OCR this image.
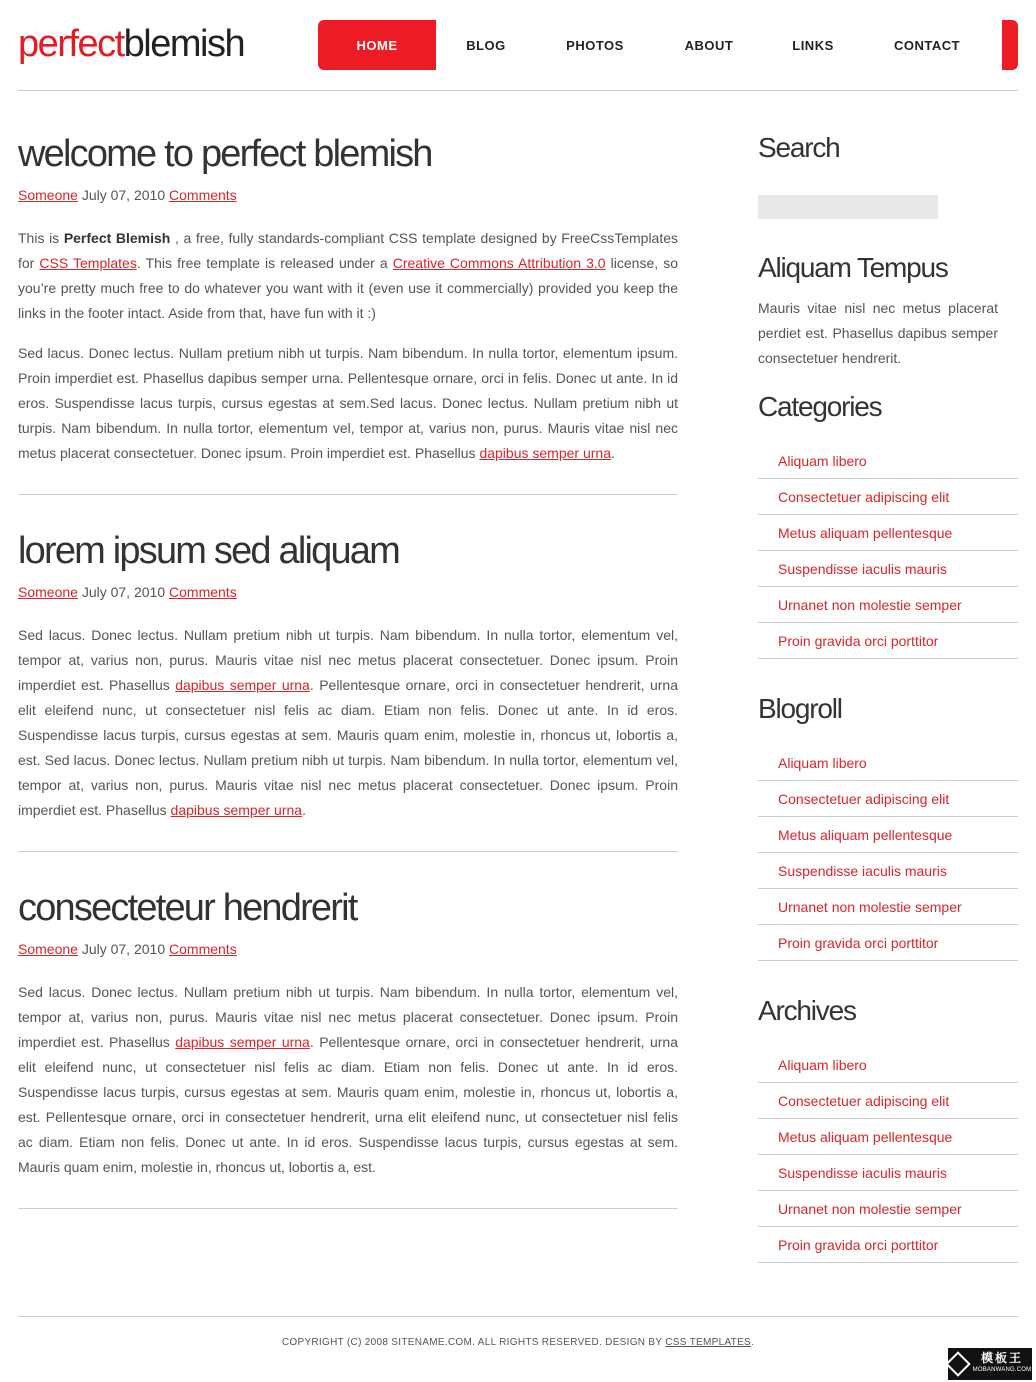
perfectblemish	HOME	BLOG	PHOTOS	ABOUT	LINKS	CONTACT
welcome to perfect blemish
Someone July 07, 2010 Comments

This is Perfect Blemish , a free, fully standards-compliant CSS template designed by FreeCssTemplates for CSS Templates. This free template is released under a Creative Commons Attribution 3.0 license, so you’re pretty much free to do whatever you want with it (even use it commercially) provided you keep the links in the footer intact. Aside from that, have fun with it :)

Sed lacus. Donec lectus. Nullam pretium nibh ut turpis. Nam bibendum. In nulla tortor, elementum ipsum. Proin imperdiet est. Phasellus dapibus semper urna. Pellentesque ornare, orci in felis. Donec ut ante. In id eros. Suspendisse lacus turpis, cursus egestas at sem.Sed lacus. Donec lectus. Nullam pretium nibh ut turpis. Nam bibendum. In nulla tortor, elementum vel, tempor at, varius non, purus. Mauris vitae nisl nec metus placerat consectetuer. Donec ipsum. Proin imperdiet est. Phasellus dapibus semper urna.

lorem ipsum sed aliquam
Someone July 07, 2010 Comments

Sed lacus. Donec lectus. Nullam pretium nibh ut turpis. Nam bibendum. In nulla tortor, elementum vel, tempor at, varius non, purus. Mauris vitae nisl nec metus placerat consectetuer. Donec ipsum. Proin imperdiet est. Phasellus dapibus semper urna. Pellentesque ornare, orci in consectetuer hendrerit, urna elit eleifend nunc, ut consectetuer nisl felis ac diam. Etiam non felis. Donec ut ante. In id eros. Suspendisse lacus turpis, cursus egestas at sem. Mauris quam enim, molestie in, rhoncus ut, lobortis a, est. Sed lacus. Donec lectus. Nullam pretium nibh ut turpis. Nam bibendum. In nulla tortor, elementum vel, tempor at, varius non, purus. Mauris vitae nisl nec metus placerat consectetuer. Donec ipsum. Proin imperdiet est. Phasellus dapibus semper urna.

consecteteur hendrerit
Someone July 07, 2010 Comments

Sed lacus. Donec lectus. Nullam pretium nibh ut turpis. Nam bibendum. In nulla tortor, elementum vel, tempor at, varius non, purus. Mauris vitae nisl nec metus placerat consectetuer. Donec ipsum. Proin imperdiet est. Phasellus dapibus semper urna. Pellentesque ornare, orci in consectetuer hendrerit, urna elit eleifend nunc, ut consectetuer nisl felis ac diam. Etiam non felis. Donec ut ante. In id eros. Suspendisse lacus turpis, cursus egestas at sem. Mauris quam enim, molestie in, rhoncus ut, lobortis a, est. Pellentesque ornare, orci in consectetuer hendrerit, urna elit eleifend nunc, ut consectetuer nisl felis ac diam. Etiam non felis. Donec ut ante. In id eros. Suspendisse lacus turpis, cursus egestas at sem. Mauris quam enim, molestie in, rhoncus ut, lobortis a, est.

Search
Aliquam Tempus

Mauris vitae nisl nec metus placerat perdiet est. Phasellus dapibus semper consectetuer hendrerit.

Categories
Aliquam libero
Consectetuer adipiscing elit
Metus aliquam pellentesque
Suspendisse iaculis mauris
Urnanet non molestie semper
Proin gravida orci porttitor
Blogroll
Aliquam libero
Consectetuer adipiscing elit
Metus aliquam pellentesque
Suspendisse iaculis mauris
Urnanet non molestie semper
Proin gravida orci porttitor
Archives
Aliquam libero
Consectetuer adipiscing elit
Metus aliquam pellentesque
Suspendisse iaculis mauris
Urnanet non molestie semper
Proin gravida orci porttitor
COPYRIGHT (C) 2008 SITENAME.COM. ALL RIGHTS RESERVED. DESIGN BY CSS TEMPLATES.
模板王
MOBANWANG.COM
